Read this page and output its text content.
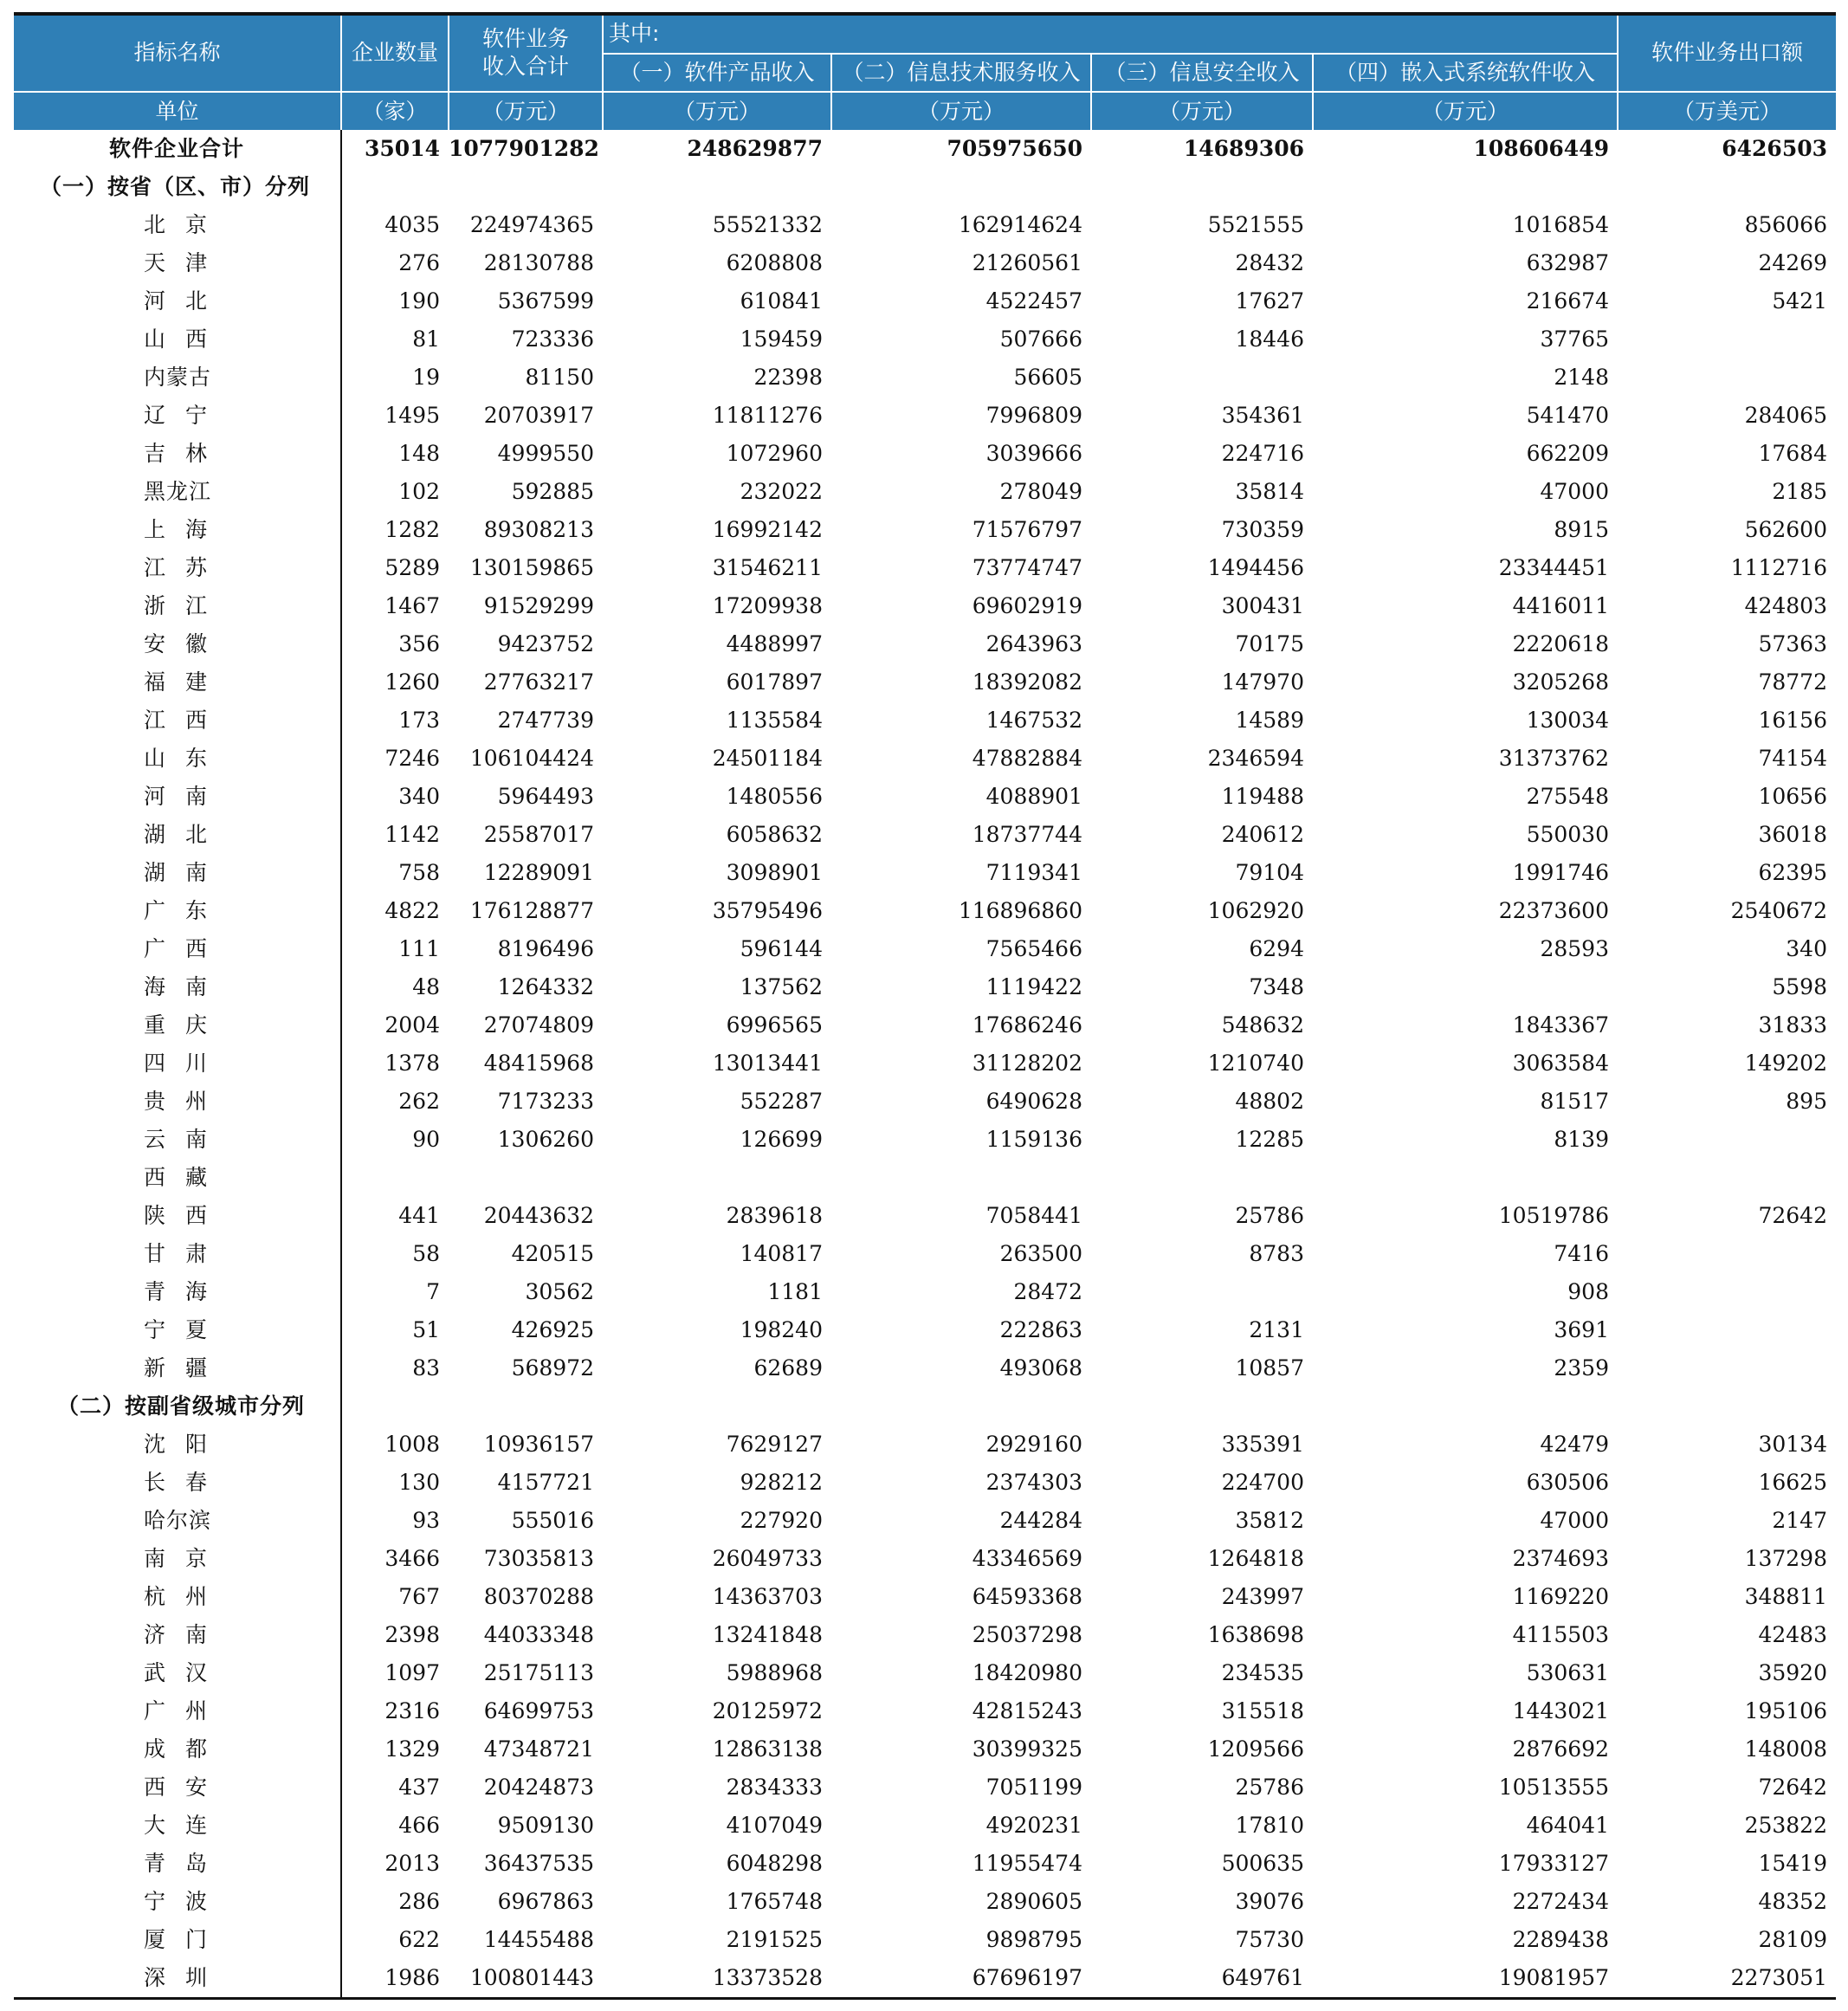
指标名称	企业数量	软件业务
收入合计	其中:				软件业务出口额
			（一）软件产品收入	（二）信息技术服务收入	（三）信息安全收入	（四）嵌入式系统软件收入	
单位	（家）	（万元）	（万元）	（万元）	（万元）	（万元）	（万美元）
软件企业合计	35014	1077901282	248629877	705975650	14689306	108606449	6426503
（一）按省（区、市）分列							
北京	4035	224974365	55521332	162914624	5521555	1016854	856066
天津	276	28130788	6208808	21260561	28432	632987	24269
河北	190	5367599	610841	4522457	17627	216674	5421
山西	81	723336	159459	507666	18446	37765	
内蒙古	19	81150	22398	56605		2148	
辽宁	1495	20703917	11811276	7996809	354361	541470	284065
吉林	148	4999550	1072960	3039666	224716	662209	17684
黑龙江	102	592885	232022	278049	35814	47000	2185
上海	1282	89308213	16992142	71576797	730359	8915	562600
江苏	5289	130159865	31546211	73774747	1494456	23344451	1112716
浙江	1467	91529299	17209938	69602919	300431	4416011	424803
安徽	356	9423752	4488997	2643963	70175	2220618	57363
福建	1260	27763217	6017897	18392082	147970	3205268	78772
江西	173	2747739	1135584	1467532	14589	130034	16156
山东	7246	106104424	24501184	47882884	2346594	31373762	74154
河南	340	5964493	1480556	4088901	119488	275548	10656
湖北	1142	25587017	6058632	18737744	240612	550030	36018
湖南	758	12289091	3098901	7119341	79104	1991746	62395
广东	4822	176128877	35795496	116896860	1062920	22373600	2540672
广西	111	8196496	596144	7565466	6294	28593	340
海南	48	1264332	137562	1119422	7348		5598
重庆	2004	27074809	6996565	17686246	548632	1843367	31833
四川	1378	48415968	13013441	31128202	1210740	3063584	149202
贵州	262	7173233	552287	6490628	48802	81517	895
云南	90	1306260	126699	1159136	12285	8139	
西藏							
陕西	441	20443632	2839618	7058441	25786	10519786	72642
甘肃	58	420515	140817	263500	8783	7416	
青海	7	30562	1181	28472		908	
宁夏	51	426925	198240	222863	2131	3691	
新疆	83	568972	62689	493068	10857	2359	
（二）按副省级城市分列							
沈阳	1008	10936157	7629127	2929160	335391	42479	30134
长春	130	4157721	928212	2374303	224700	630506	16625
哈尔滨	93	555016	227920	244284	35812	47000	2147
南京	3466	73035813	26049733	43346569	1264818	2374693	137298
杭州	767	80370288	14363703	64593368	243997	1169220	348811
济南	2398	44033348	13241848	25037298	1638698	4115503	42483
武汉	1097	25175113	5988968	18420980	234535	530631	35920
广州	2316	64699753	20125972	42815243	315518	1443021	195106
成都	1329	47348721	12863138	30399325	1209566	2876692	148008
西安	437	20424873	2834333	7051199	25786	10513555	72642
大连	466	9509130	4107049	4920231	17810	464041	253822
青岛	2013	36437535	6048298	11955474	500635	17933127	15419
宁波	286	6967863	1765748	2890605	39076	2272434	48352
厦门	622	14455488	2191525	9898795	75730	2289438	28109
深圳	1986	100801443	13373528	67696197	649761	19081957	2273051
